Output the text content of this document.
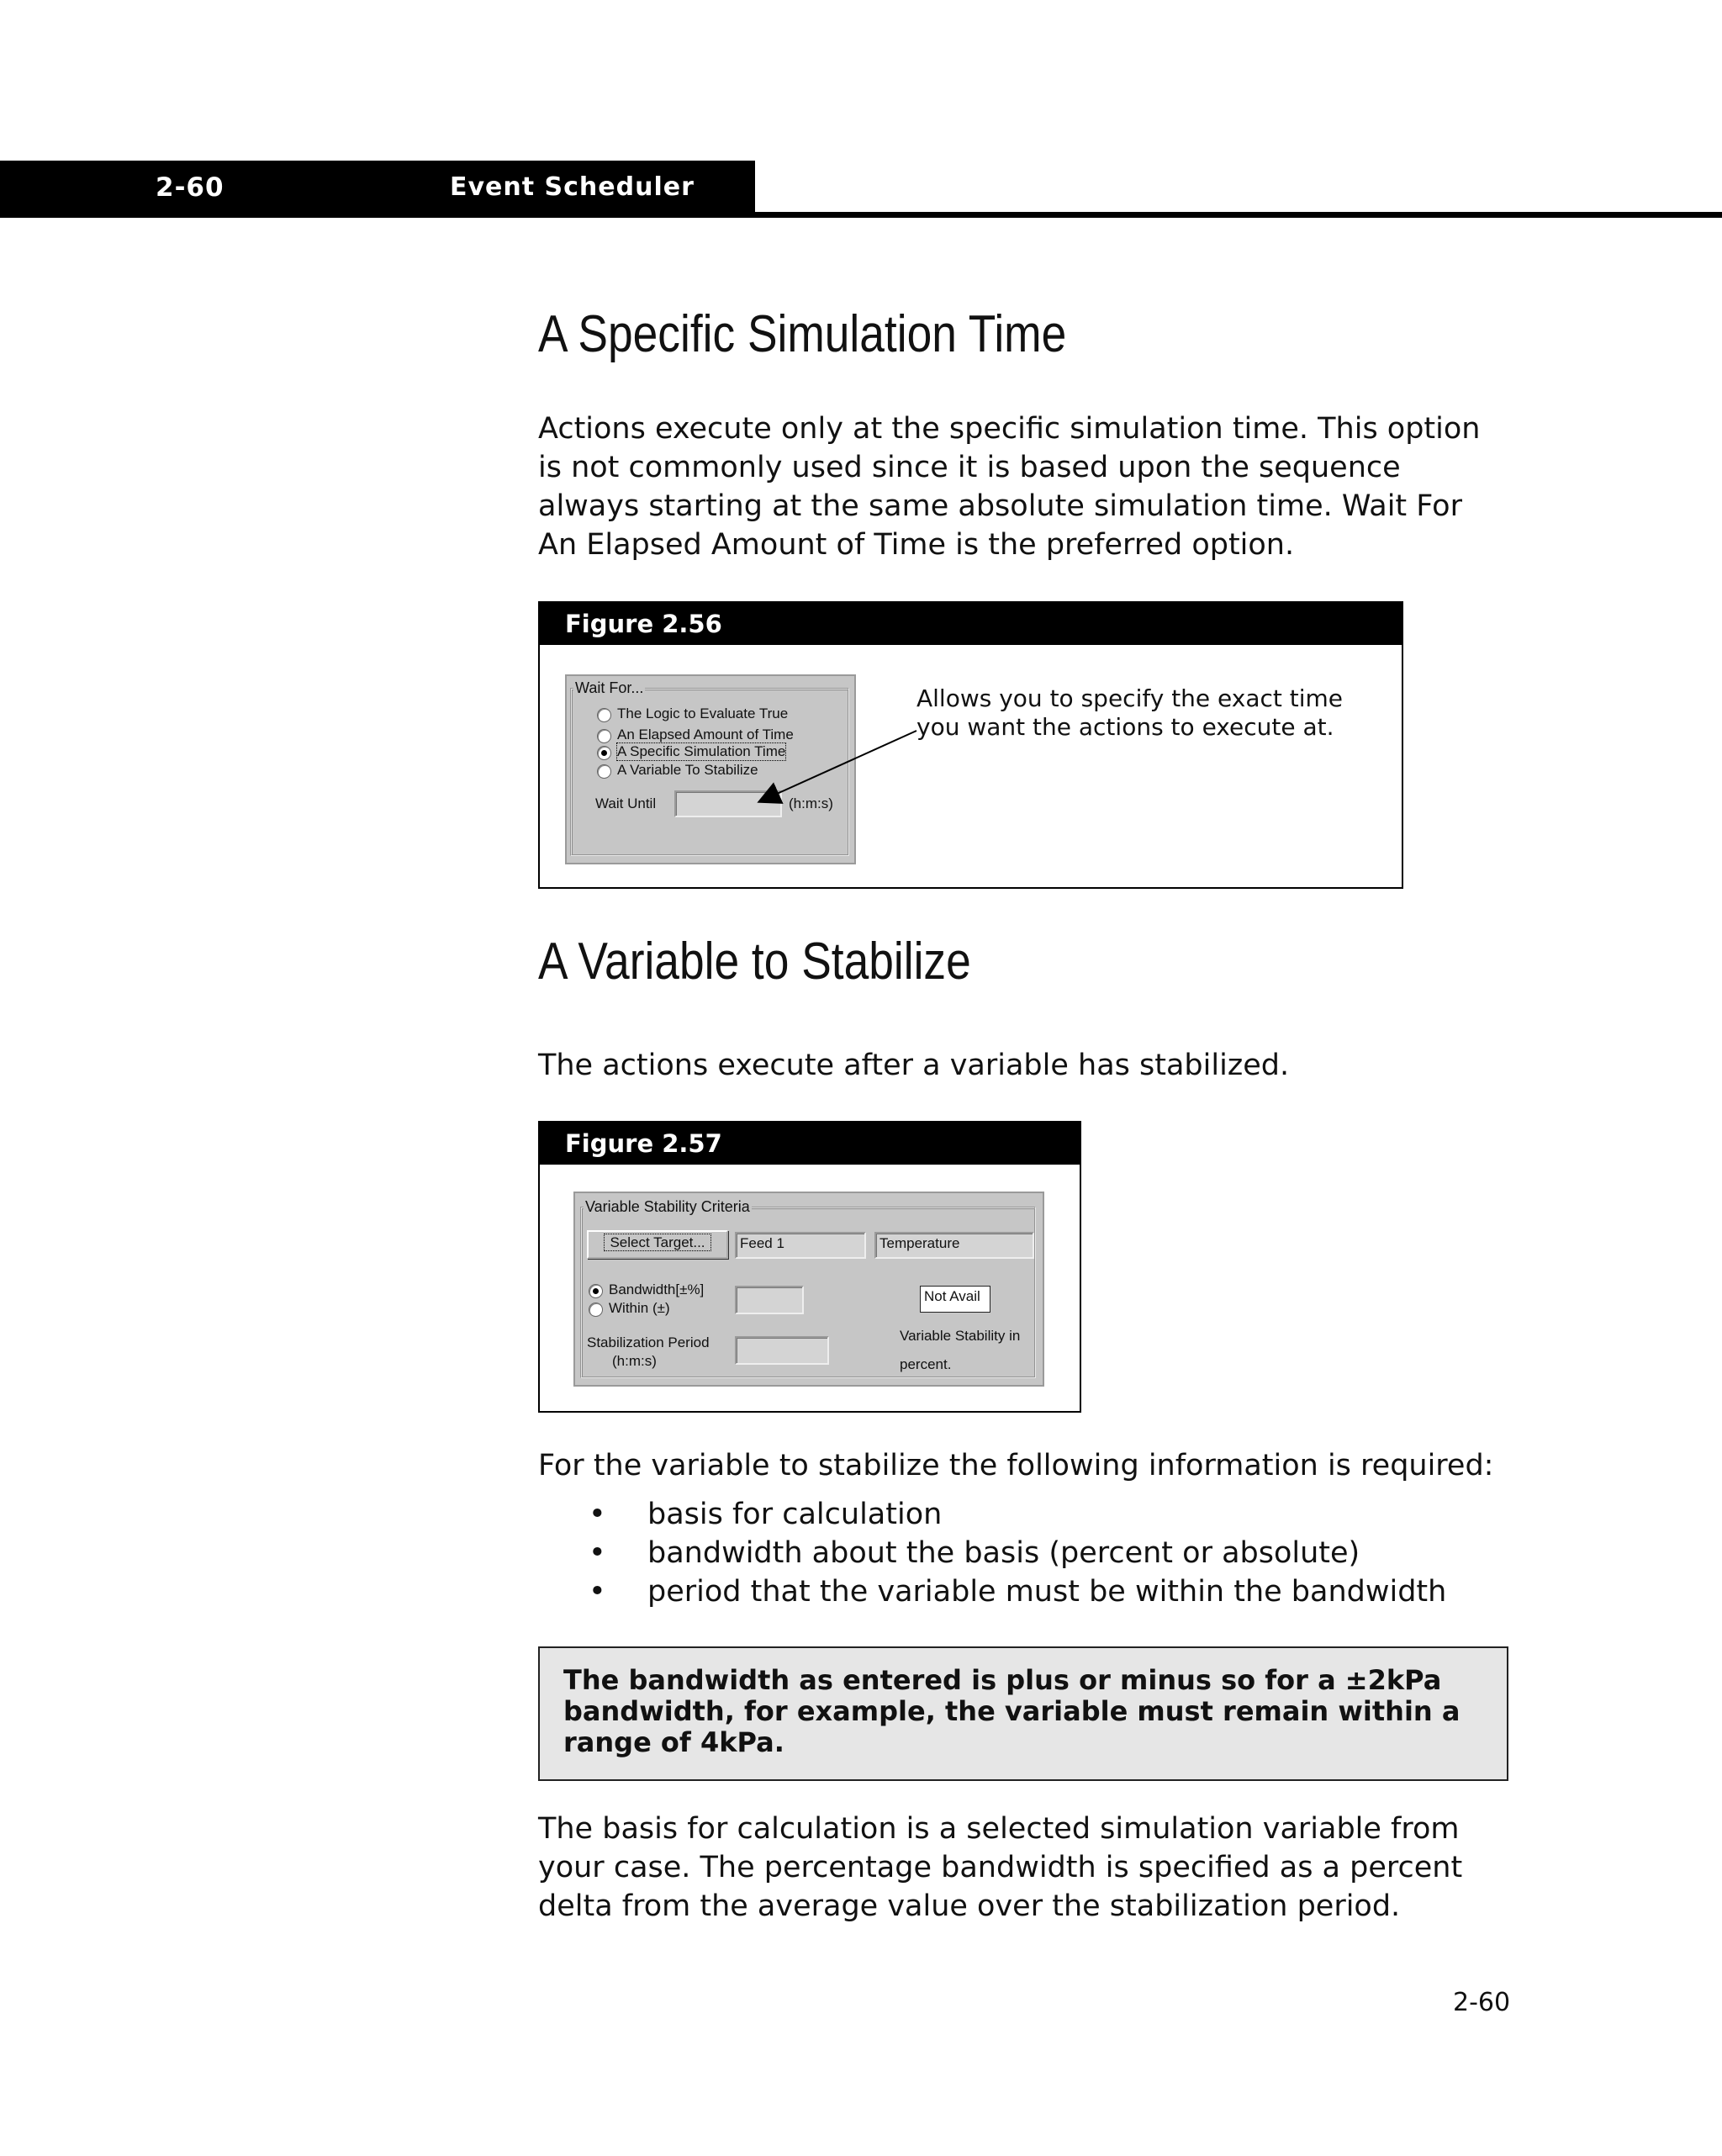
2-60	Event Scheduler
A Specific Simulation Time
Actions execute only at the specific simulation time. This option
is not commonly used since it is based upon the sequence
always starting at the same absolute simulation time. Wait For
An Elapsed Amount of Time is the preferred option.
Figure 2.56
Wait For...
The Logic to Evaluate True
An Elapsed Amount of Time
A Specific Simulation Time
A Variable To Stabilize
Wait Until	(h:m:s)
Allows you to specify the exact time
you want the actions to execute at.
A Variable to Stabilize
The actions execute after a variable has stabilized.
Figure 2.57
Variable Stability Criteria
Select Target...	Feed 1	Temperature
Bandwidth[±%]
Within (±)
Not Avail
Variable Stability in
percent.
Stabilization Period
(h:m:s)
For the variable to stabilize the following information is required:
• basis for calculation
• bandwidth about the basis (percent or absolute)
• period that the variable must be within the bandwidth
The bandwidth as entered is plus or minus so for a ±2kPa
bandwidth, for example, the variable must remain within a
range of 4kPa.
The basis for calculation is a selected simulation variable from
your case. The percentage bandwidth is specified as a percent
delta from the average value over the stabilization period.
2-60
